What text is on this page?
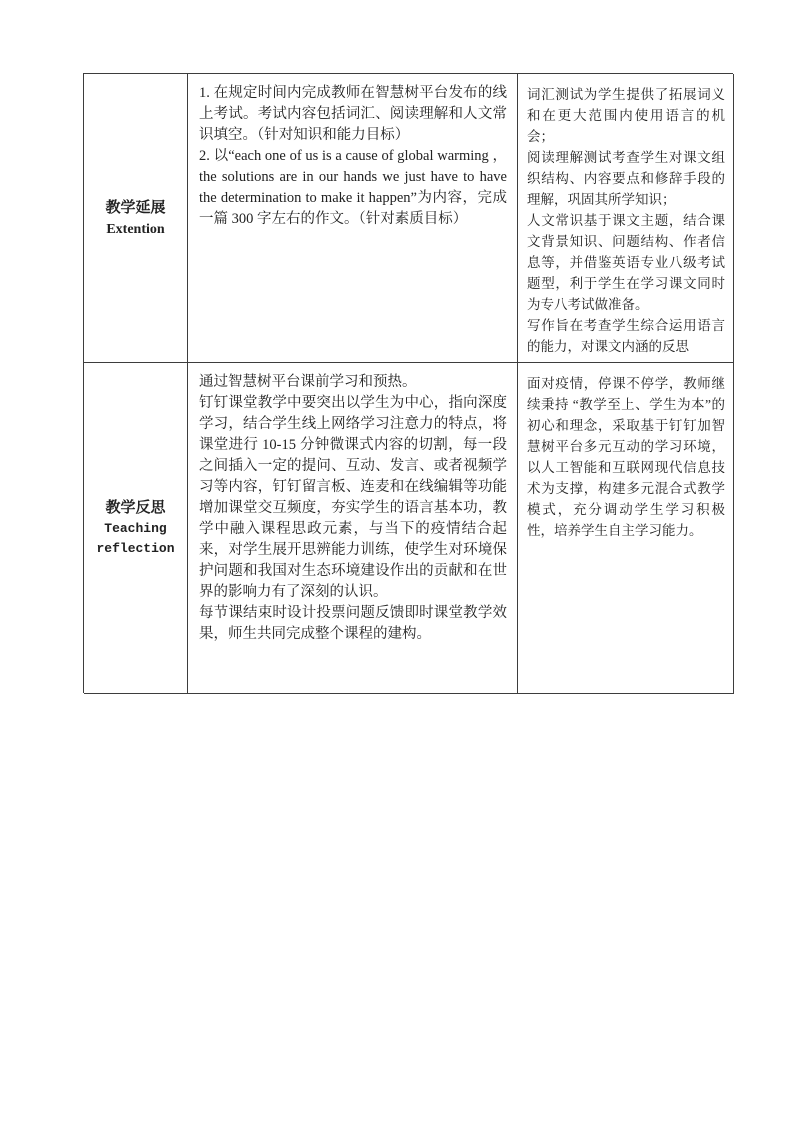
教学延展
Extention

1. 在规定时间内完成教师在智慧树平台发布的线上考试。考试内容包括词汇、阅读理解和人文常识填空。（针对知识和能力目标）

2. 以“each one of us is a cause of global warming ， the solutions are in our hands we just have to have the determination to make it happen”为内容，完成一篇 300 字左右的作文。（针对素质目标）

词汇测试为学生提供了拓展词义和在更大范围内使用语言的机会；

阅读理解测试考查学生对课文组织结构、内容要点和修辞手段的理解，巩固其所学知识；

人文常识基于课文主题，结合课文背景知识、问题结构、作者信息等，并借鉴英语专业八级考试题型，利于学生在学习课文同时为专八考试做准备。

写作旨在考查学生综合运用语言的能力，对课文内涵的反思

教学反思
Teaching reflection

通过智慧树平台课前学习和预热。

钉钉课堂教学中要突出以学生为中心，指向深度学习，结合学生线上网络学习注意力的特点，将课堂进行 10-15 分钟微课式内容的切割，每一段之间插入一定的提问、互动、发言、或者视频学习等内容，钉钉留言板、连麦和在线编辑等功能增加课堂交互频度，夯实学生的语言基本功，教学中融入课程思政元素，与当下的疫情结合起来，对学生展开思辨能力训练，使学生对环境保护问题和我国对生态环境建设作出的贡献和在世界的影响力有了深刻的认识。

每节课结束时设计投票问题反馈即时课堂教学效果，师生共同完成整个课程的建构。

面对疫情，停课不停学，教师继续秉持 “教学至上、学生为本”的初心和理念，采取基于钉钉加智慧树平台多元互动的学习环境，以人工智能和互联网现代信息技术为支撑，构建多元混合式教学模式，充分调动学生学习积极性，培养学生自主学习能力。
